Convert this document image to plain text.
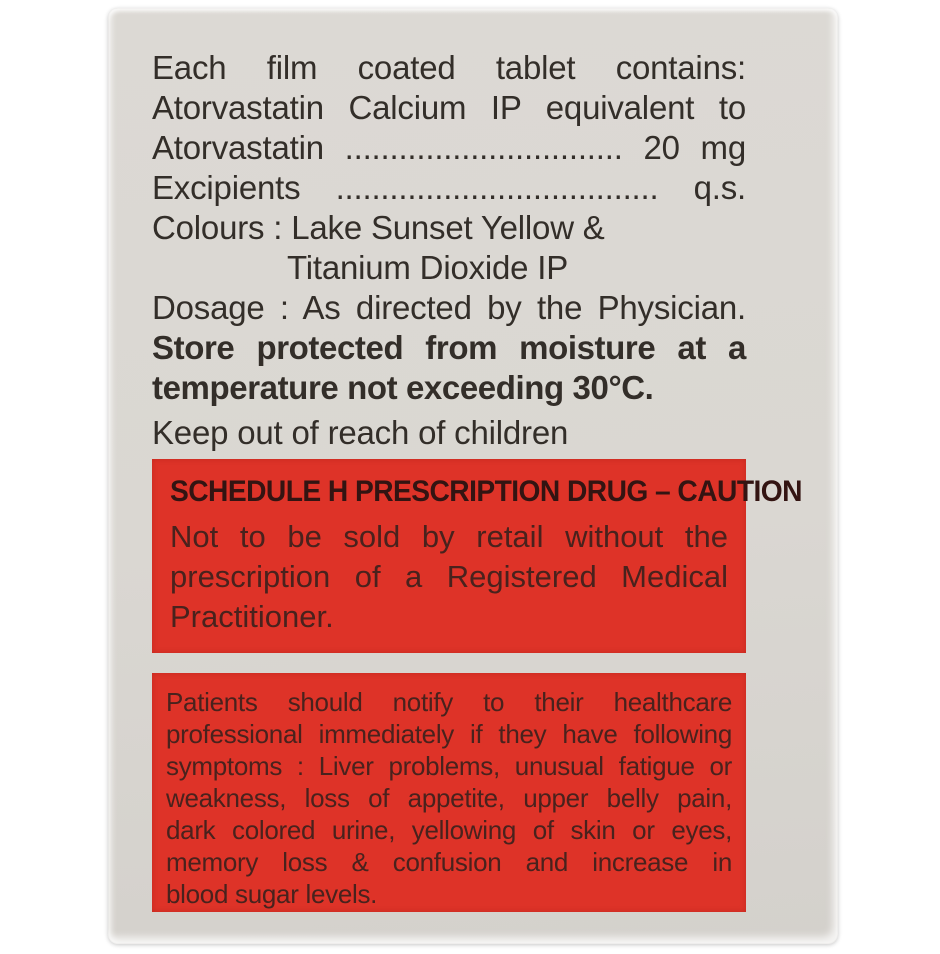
Each film coated tablet contains:
Atorvastatin Calcium IP equivalent to
Atorvastatin ............................... 20 mg
Excipients .................................... q.s.
Colours : Lake Sunset Yellow &
Titanium Dioxide IP
Dosage : As directed by the Physician.
Store protected from moisture at a
temperature not exceeding 30°C.
Keep out of reach of children
SCHEDULE H PRESCRIPTION DRUG – CAUTION
Not to be sold by retail without the
prescription of a Registered Medical
Practitioner.
Patients should notify to their healthcare
professional immediately if they have following
symptoms : Liver problems, unusual fatigue or
weakness, loss of appetite, upper belly pain,
dark colored urine, yellowing of skin or eyes,
memory loss & confusion and increase in
blood sugar levels.
